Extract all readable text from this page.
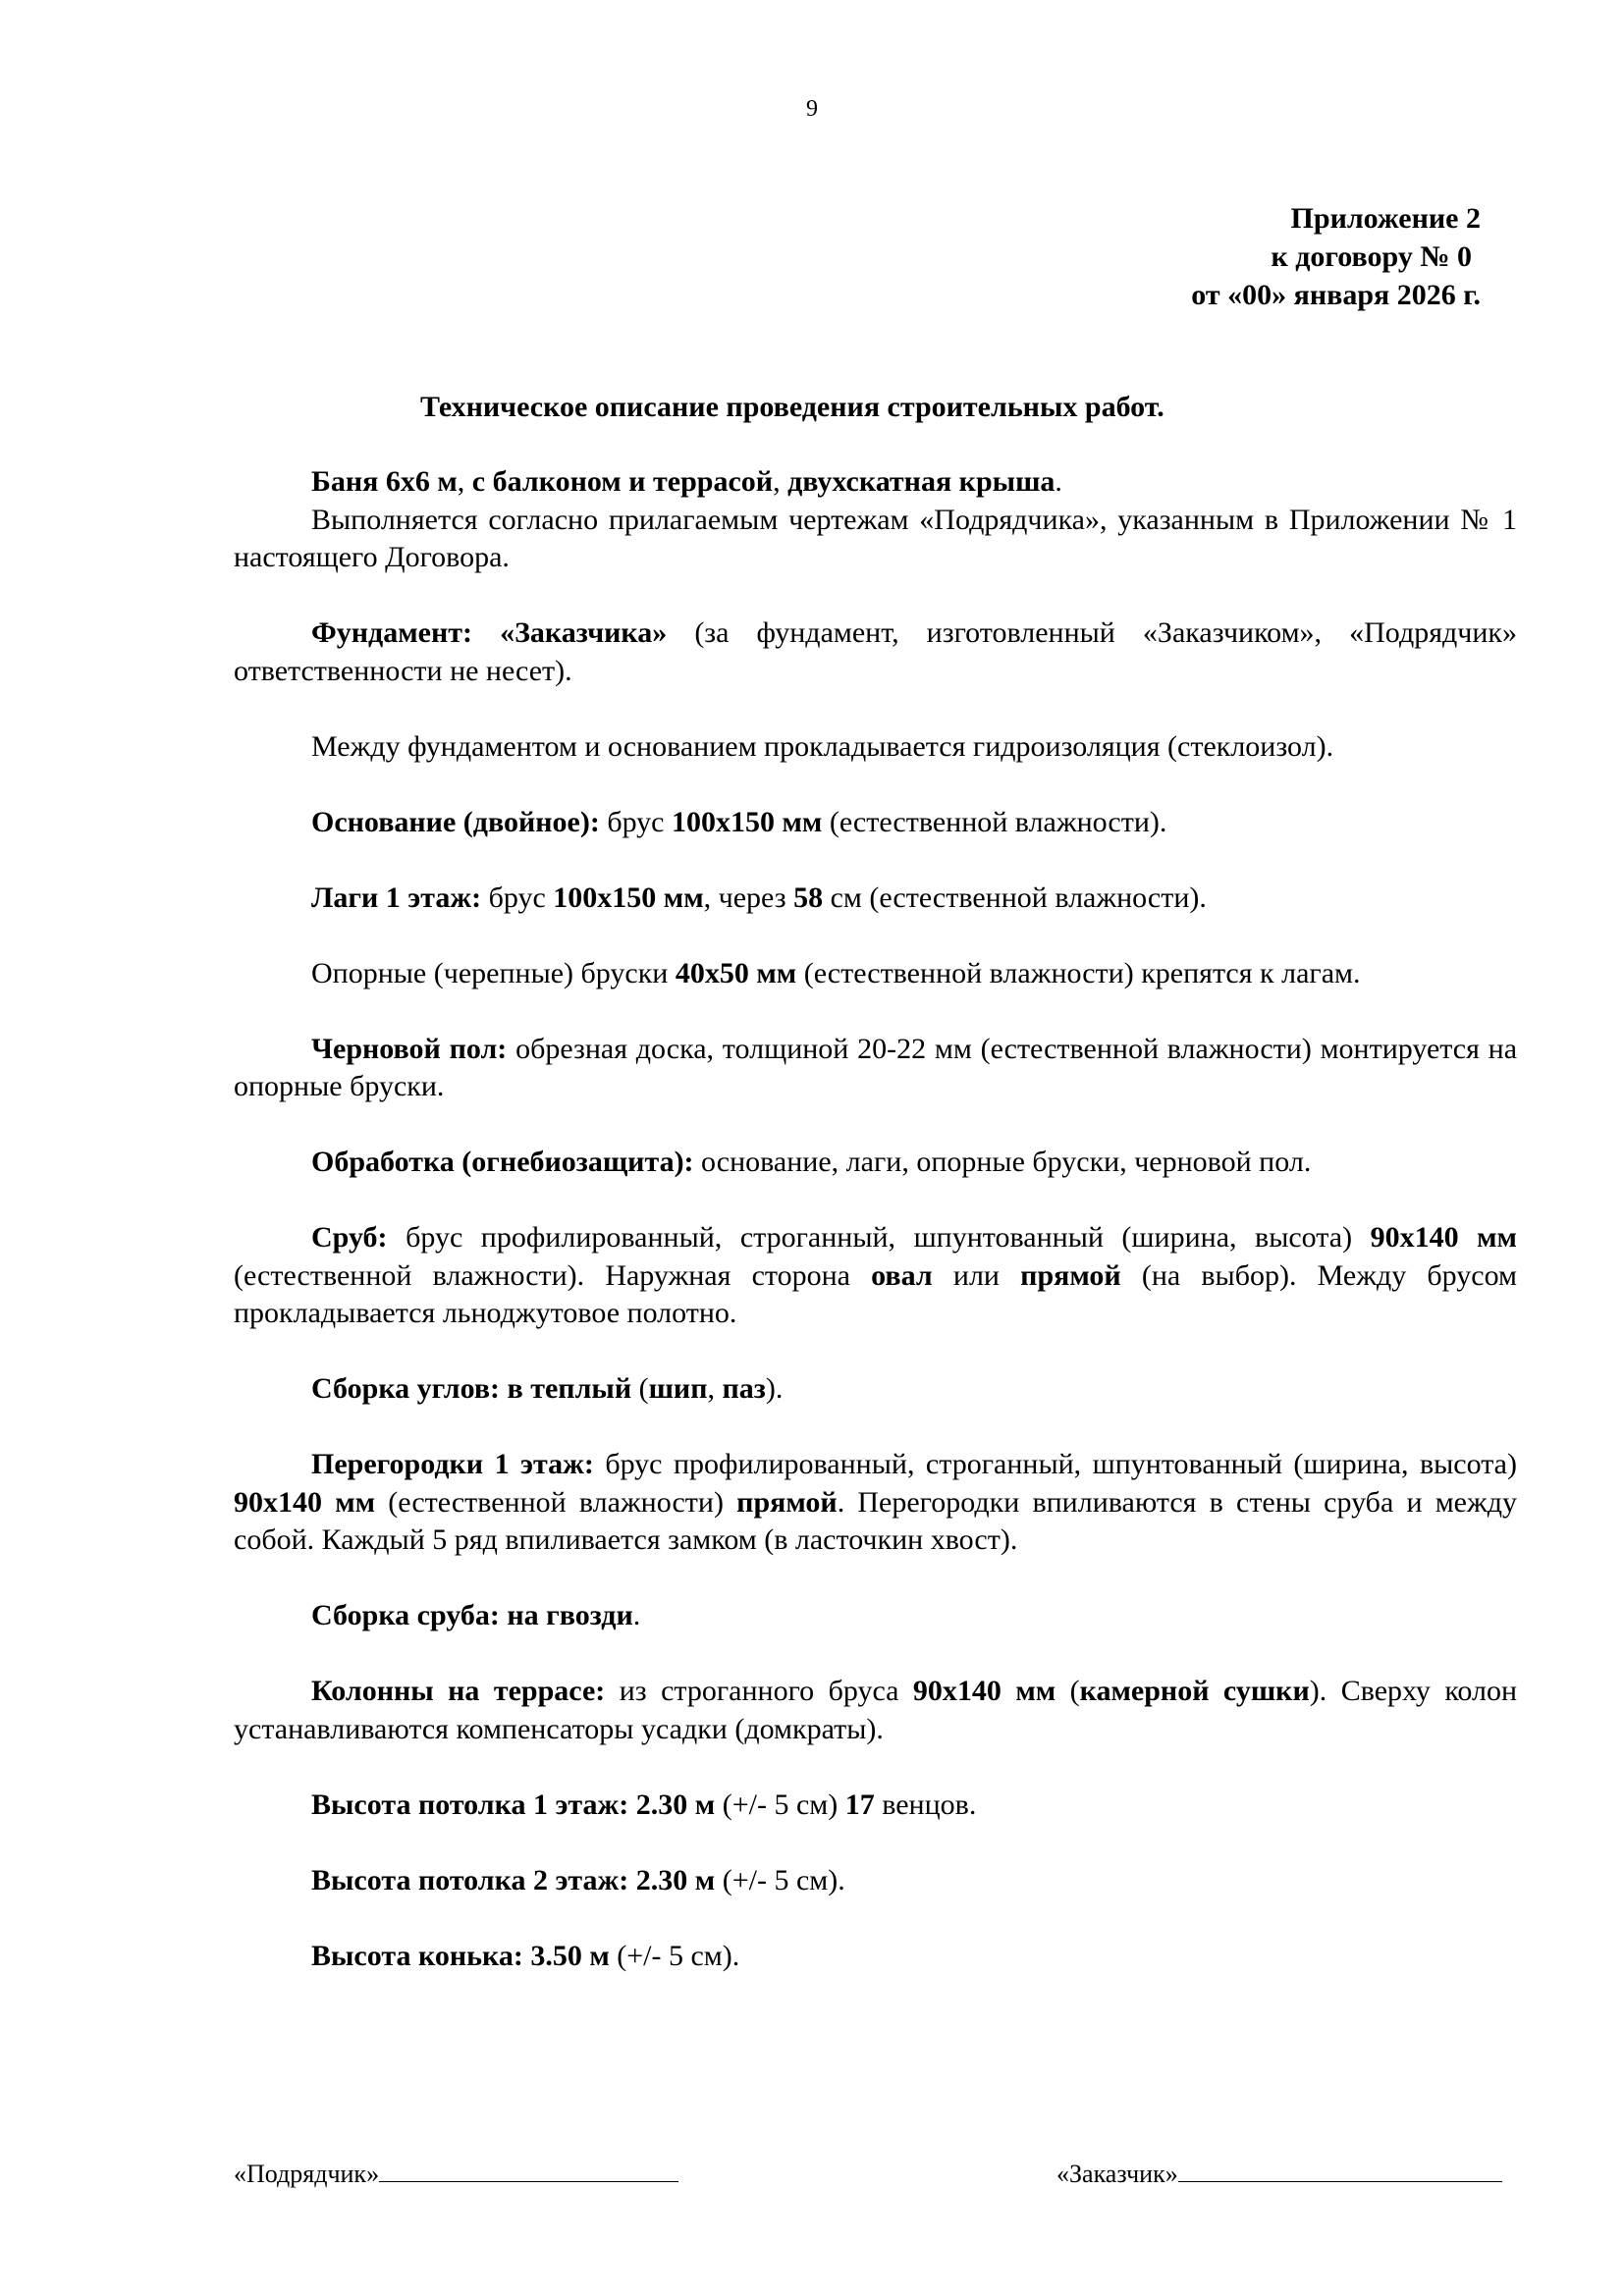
9
Приложение 2
к договору № 0
от «00» января 2026 г.
Техническое описание проведения строительных работ.

Баня 6х6 м, с балконом и террасой, двухскатная крыша.

Выполняется согласно прилагаемым чертежам «Подрядчика», указанным в Приложении № 1 настоящего Договора.

Фундамент: «Заказчика» (за фундамент, изготовленный «Заказчиком», «Подрядчик» ответственности не несет).

Между фундаментом и основанием прокладывается гидроизоляция (стеклоизол).

Основание (двойное): брус 100х150 мм (естественной влажности).

Лаги 1 этаж: брус 100х150 мм, через 58 см (естественной влажности).

Опорные (черепные) бруски 40х50 мм (естественной влажности) крепятся к лагам.

Черновой пол: обрезная доска, толщиной 20-22 мм (естественной влажности) монтируется на опорные бруски.

Обработка (огнебиозащита): основание, лаги, опорные бруски, черновой пол.

Сруб: брус профилированный, строганный, шпунтованный (ширина, высота) 90х140 мм (естественной влажности). Наружная сторона овал или прямой (на выбор). Между брусом прокладывается льноджутовое полотно.

Сборка углов: в теплый (шип, паз).

Перегородки 1 этаж: брус профилированный, строганный, шпунтованный (ширина, высота) 90х140 мм (естественной влажности) прямой. Перегородки впиливаются в стены сруба и между собой. Каждый 5 ряд впиливается замком (в ласточкин хвост).

Сборка сруба: на гвозди.

Колонны на террасе: из строганного бруса 90х140 мм (камерной сушки). Сверху колон устанавливаются компенсаторы усадки (домкраты).

Высота потолка 1 этаж: 2.30 м (+/- 5 см) 17 венцов.

Высота потолка 2 этаж: 2.30 м (+/- 5 см).

Высота конька: 3.50 м (+/- 5 см).

«Подрядчик»	«Заказчик»
